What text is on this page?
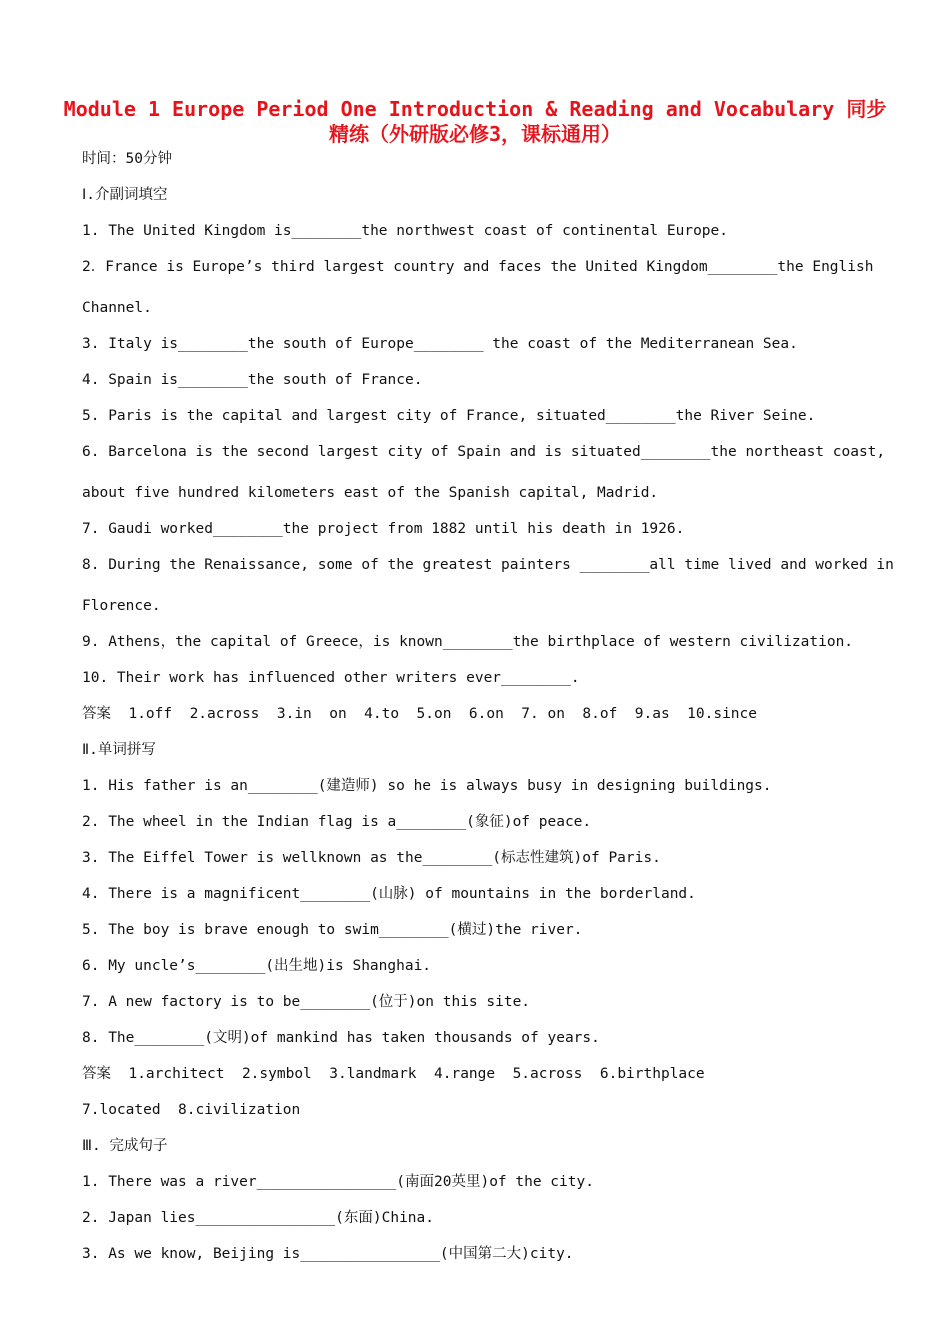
Module 1 Europe Period One Introduction & Reading and Vocabulary 同步
精练（外研版必修3，课标通用）
时间：50分钟
Ⅰ.介副词填空
1. The United Kingdom is________the northwest coast of continental Europe.
2．France is Europe’s third largest country and faces the United Kingdom________the English
Channel.
3. Italy is________the south of Europe________ the coast of the Mediterranean Sea.
4. Spain is________the south of France.
5. Paris is the capital and largest city of France, situated________the River Seine.
6. Barcelona is the second largest city of Spain and is situated________the northeast coast,
about five hundred kilometers east of the Spanish capital, Madrid.
7. Gaudi worked________the project from 1882 until his death in 1926.
8. During the Renaissance, some of the greatest painters ________all time lived and worked in
Florence.
9. Athens，the capital of Greece，is known________the birthplace of western civilization.
10. Their work has influenced other writers ever________.
答案  1.off  2.across  3.in  on  4.to  5.on  6.on  7. on  8.of  9.as  10.since
Ⅱ.单词拼写
1. His father is an________(建造师) so he is always busy in designing buildings.
2. The wheel in the Indian flag is a________(象征)of peace.
3. The Eiffel Tower is wellknown as the________(标志性建筑)of Paris.
4. There is a magnificent________(山脉) of mountains in the borderland.
5. The boy is brave enough to swim________(横过)the river.
6. My uncle’s________(出生地)is Shanghai.
7. A new factory is to be________(位于)on this site.
8. The________(文明)of mankind has taken thousands of years.
答案  1.architect  2.symbol  3.landmark  4.range  5.across  6.birthplace
7.located  8.civilization
Ⅲ. 完成句子
1. There was a river________________(南面20英里)of the city.
2. Japan lies________________(东面)China.
3. As we know, Beijing is________________(中国第二大)city.
